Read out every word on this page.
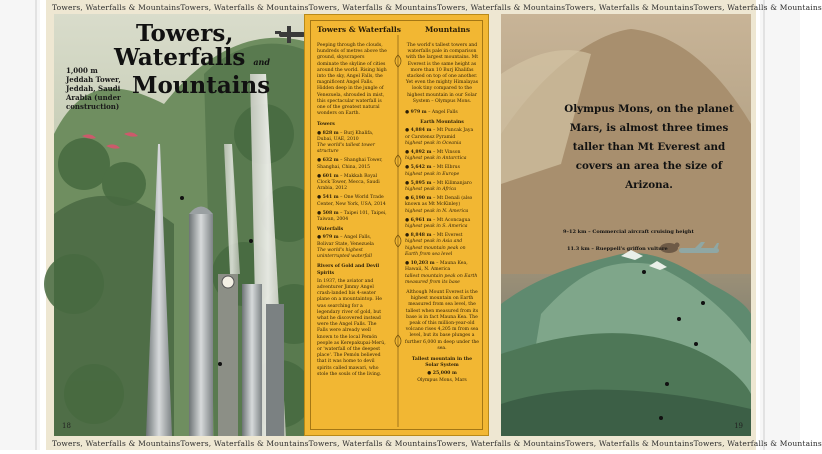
Towers, Waterfalls & Mountains Towers, Waterfalls & Mountains Towers, Waterfalls & Mountains Towers, Waterfalls & Mountains Towers, Waterfalls & Mountains Towers, Waterfalls & Mountains
Towers,
Waterfalls and
Mountains
1,000 m Jeddah Tower, Jeddah, Saudi Arabia (under construction)
18
Towers & Waterfalls	Mountains

Peeping through the clouds, hundreds of metres above the ground, skyscrapers dominate the skyline of cities around the world. Rising high into the sky, Angel Falls, the magnificent Angel Falls. Hidden deep in the jungle of Venezuela, shrouded in mist, this spectacular waterfall is one of the greatest natural wonders on Earth.

Towers
● 828 m – Burj Khalifa, Dubai, UAE, 2010
The world's tallest tower structure
● 632 m – Shanghai Tower, Shanghai, China, 2015
● 601 m – Makkah Royal Clock Tower, Mecca, Saudi Arabia, 2012
● 541 m – One World Trade Center, New York, USA, 2014
● 508 m – Taipei 101, Taipei, Taiwan, 2004
Waterfalls
● 979 m – Angel Falls, Bolivar State, Venezuela
The world's highest uninterrupted waterfall
Rivers of Gold and Devil Spirits

In 1937, the aviator and adventurer Jimmy Angel crash-landed his 4-seater plane on a mountaintop. He was searching for a legendary river of gold, but what he discovered instead were the Angel Falls. The Falls were already well known to the local Pemón people as Kerepakupai-Merú, or 'waterfall of the deepest place'. The Pemón believed that it was home to devil spirits called mawari, who stole the souls of the living.

The world's tallest towers and waterfalls pale in comparison with the largest mountains. Mt Everest is the same height as more than 10 Burj Khalifas stacked on top of one another. Yet even the mighty Himalayas look tiny compared to the highest mountain in our Solar System – Olympus Mons.

● 979 m – Angel Falls
Earth Mountains
● 4,884 m – Mt Puncak Jaya or Carstensz Pyramid
highest peak in Oceania
● 4,892 m – Mt Vinson
highest peak in Antarctica
● 5,642 m – Mt Elbrus
highest peak in Europe
● 5,895 m – Mt Kilimanjaro
highest peak in Africa
● 6,190 m – Mt Denali (also known as Mt McKinley)
highest peak in N. America
● 6,961 m – Mt Aconcagua
highest peak in S. America
● 8,848 m – Mt Everest
highest peak in Asia and highest mountain peak on Earth from sea level
● 10,203 m – Mauna Kea, Hawaii, N. America
tallest mountain peak on Earth measured from its base

Although Mount Everest is the highest mountain on Earth measured from sea level, the tallest when measured from its base is in fact Mauna Kea. The peak of this million-year-old volcano rises 4,205 m from sea level, but its base plunges a further 6,000 m deep under the sea.

Tallest mountain in the Solar System
● 25,000 m
Olympus Mons, Mars
Olympus Mons, on the planet Mars, is almost three times taller than Mt Everest and covers an area the size of Arizona.
9–12 km – Commercial aircraft cruising height
11.3 km – Rueppell's griffon vulture
19
Towers, Waterfalls & Mountains Towers, Waterfalls & Mountains Towers, Waterfalls & Mountains Towers, Waterfalls & Mountains Towers, Waterfalls & Mountains Towers, Waterfalls & Mountains
